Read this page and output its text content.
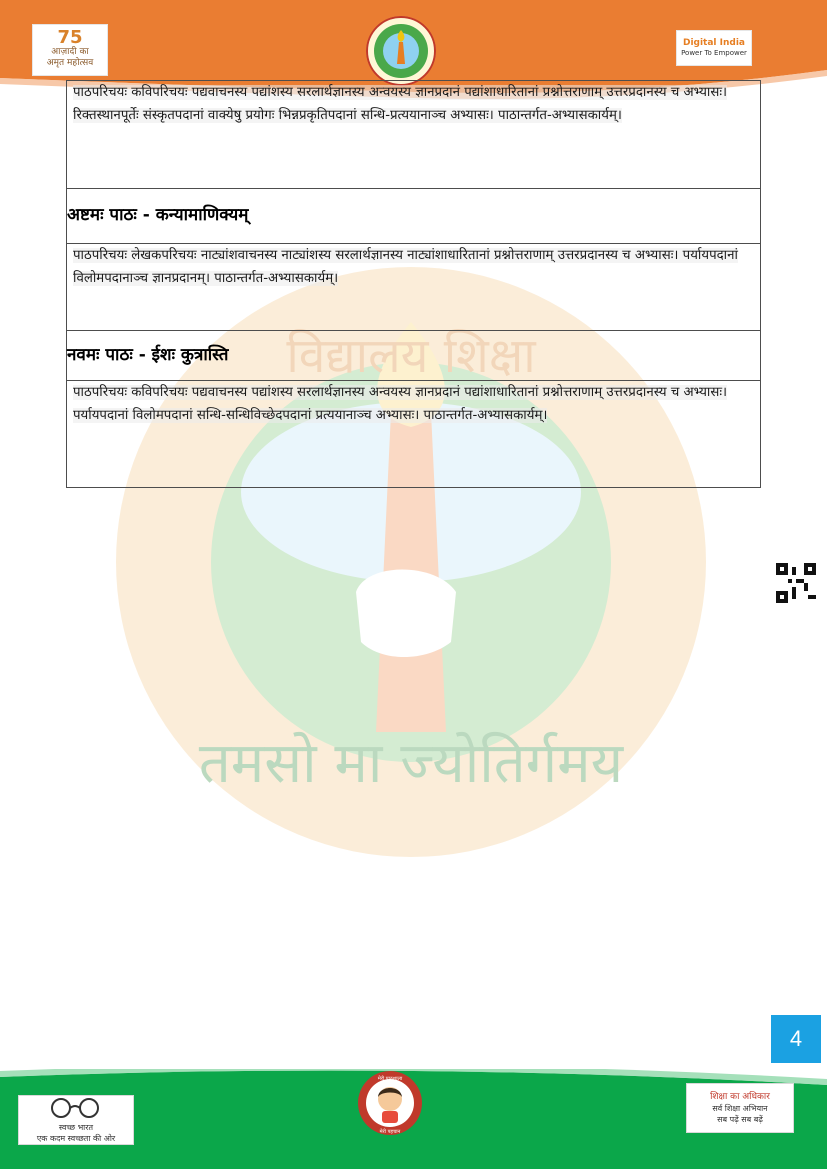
75
आज़ादी का
अमृत महोत्सव
Digital India
Power To Empower
विद्यालय शिक्षा
तमसो मा ज्योतिर्गमय
पाठपरिचयः कविपरिचयः पद्यवाचनस्य पद्यांशस्य सरलार्थज्ञानस्य अन्वयस्य ज्ञानप्रदानं पद्यांशाधारितानां प्रश्नोत्तराणाम् उत्तरप्रदानस्य च अभ्यासः। रिक्तस्थानपूर्तेः संस्कृतपदानां वाक्येषु प्रयोगः भिन्नप्रकृतिपदानां सन्धि-प्रत्ययानाञ्च अभ्यासः। पाठान्तर्गत-अभ्यासकार्यम्।

अष्टमः पाठः - कन्यामाणिक्यम्

पाठपरिचयः लेखकपरिचयः नाट्यांशवाचनस्य नाट्यांशस्य सरलार्थज्ञानस्य नाट्यांशाधारितानां प्रश्नोत्तराणाम् उत्तरप्रदानस्य च अभ्यासः। पर्यायपदानां विलोमपदानाञ्च ज्ञानप्रदानम्। पाठान्तर्गत-अभ्यासकार्यम्।

नवमः पाठः - ईशः कुत्रास्ति

पाठपरिचयः कविपरिचयः पद्यवाचनस्य पद्यांशस्य सरलार्थज्ञानस्य अन्वयस्य ज्ञानप्रदानं पद्यांशाधारितानां प्रश्नोत्तराणाम् उत्तरप्रदानस्य च अभ्यासः। पर्यायपदानां विलोमपदानां सन्धि-सन्धिविच्छेदपदानां प्रत्ययानाञ्च अभ्यासः। पाठान्तर्गत-अभ्यासकार्यम्।
4

स्वच्छ भारत
एक कदम स्वच्छता की ओर
मेरी पाठशाला
मेरी पहचान
शिक्षा का अधिकार
सर्व शिक्षा अभियान
सब पढ़ें सब बढ़ें
